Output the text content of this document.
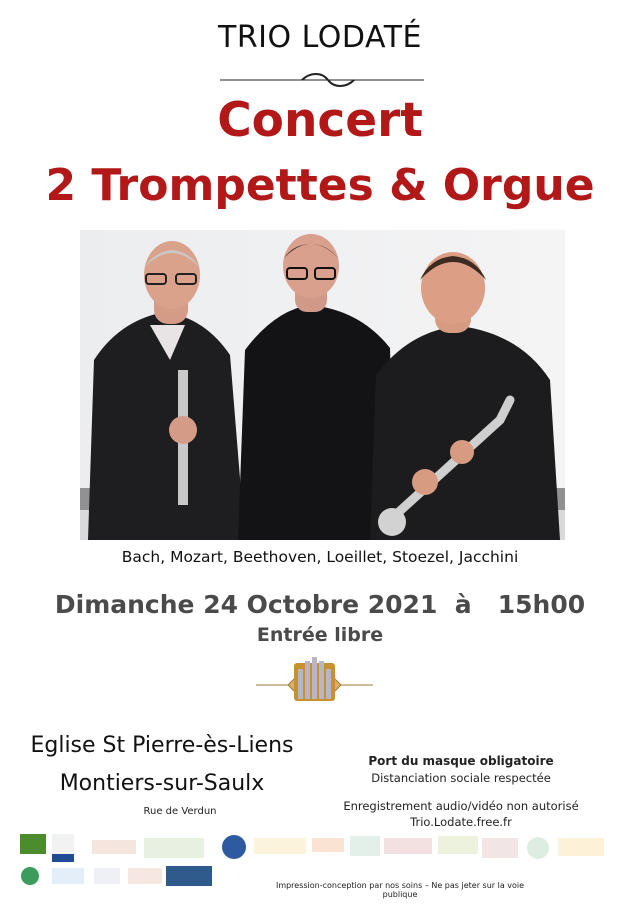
TRIO LODATÉ
Concert
2 Trompettes & Orgue
Bach, Mozart, Beethoven, Loeillet, Stoezel, Jacchini
Dimanche 24 Octobre 2021  à   15h00
Entrée libre
Eglise St Pierre-ès-Liens
Montiers-sur-Saulx
Rue de Verdun
Port du masque obligatoire
Distanciation sociale respectée
Enregistrement audio/vidéo non autorisé
Trio.Lodate.free.fr
Impression-conception par nos soins – Ne pas jeter sur la voie publique
